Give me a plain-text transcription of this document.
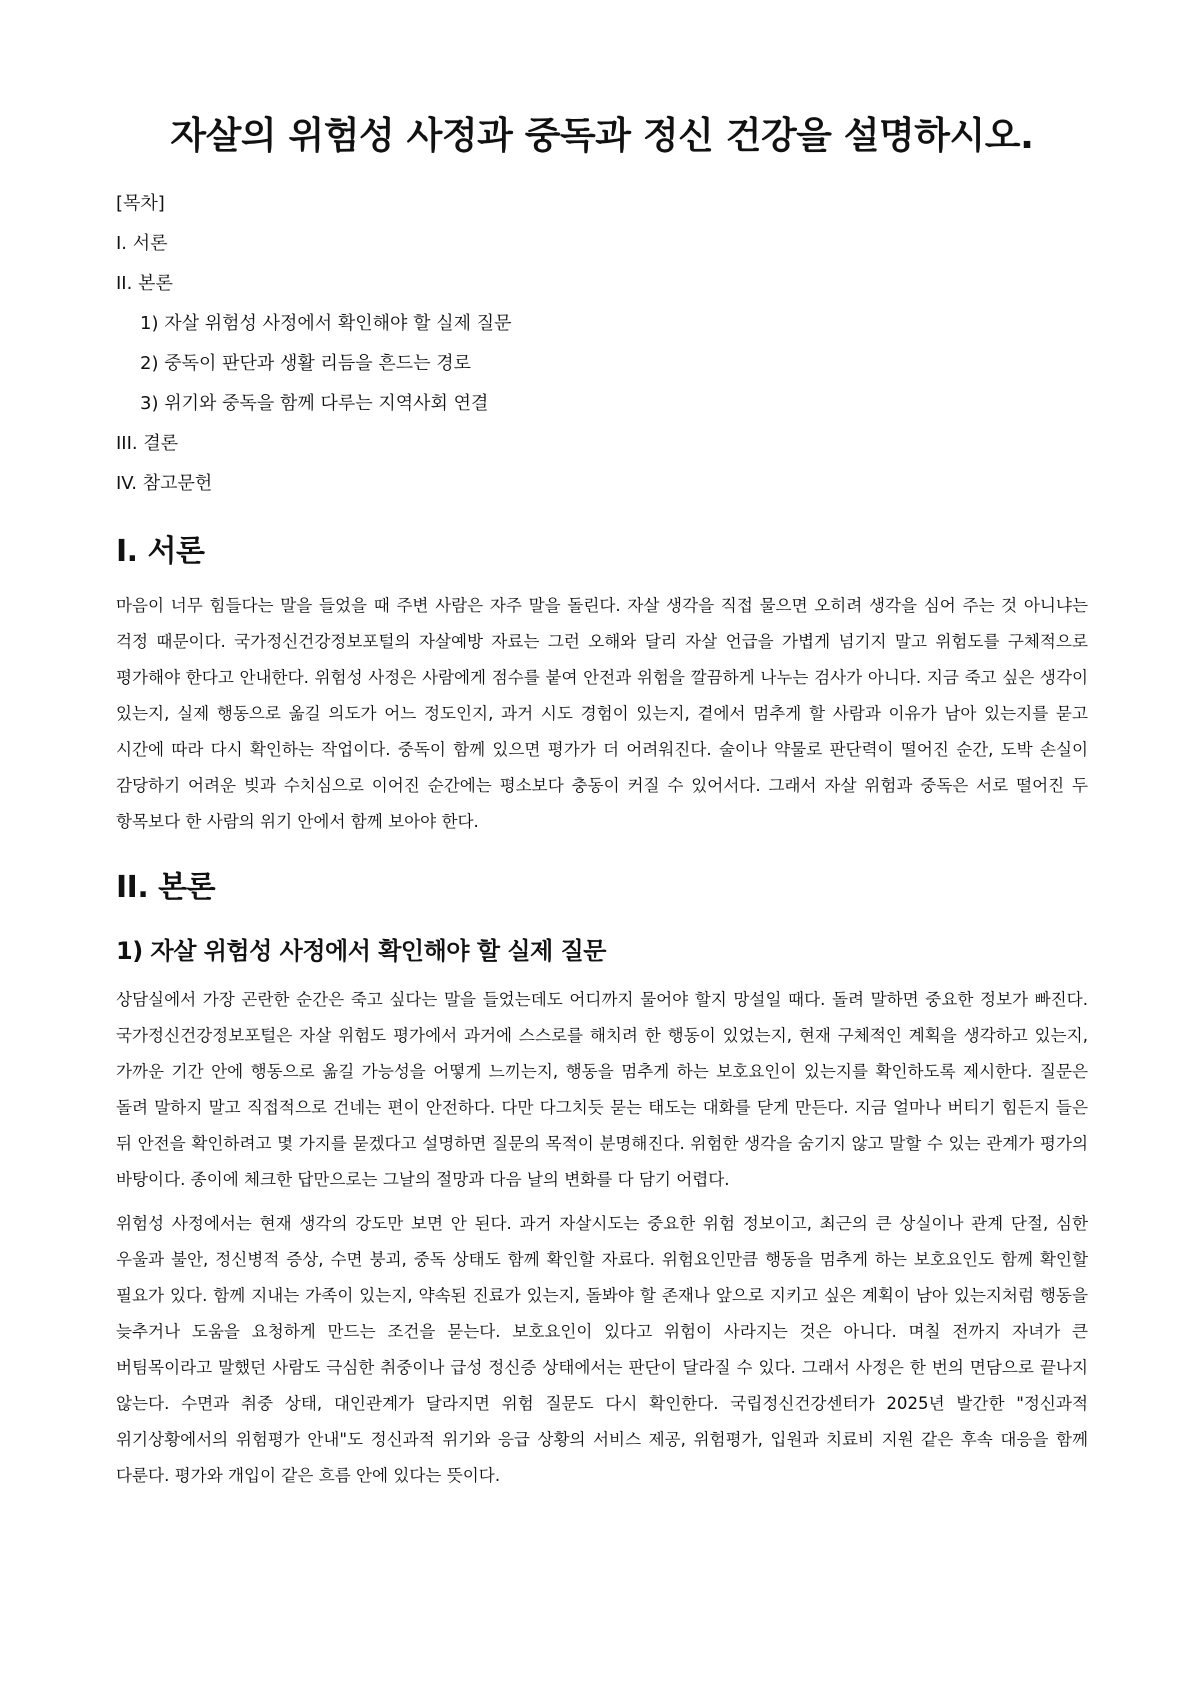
자살의 위험성 사정과 중독과 정신 건강을 설명하시오.
[목차]
I. 서론
II. 본론
1) 자살 위험성 사정에서 확인해야 할 실제 질문
2) 중독이 판단과 생활 리듬을 흔드는 경로
3) 위기와 중독을 함께 다루는 지역사회 연결
III. 결론
IV. 참고문헌
I. 서론

마음이 너무 힘들다는 말을 들었을 때 주변 사람은 자주 말을 돌린다. 자살 생각을 직접 물으면 오히려 생각을 심어 주는 것 아니냐는 걱정 때문이다. 국가정신건강정보포털의 자살예방 자료는 그런 오해와 달리 자살 언급을 가볍게 넘기지 말고 위험도를 구체적으로 평가해야 한다고 안내한다. 위험성 사정은 사람에게 점수를 붙여 안전과 위험을 깔끔하게 나누는 검사가 아니다. 지금 죽고 싶은 생각이 있는지, 실제 행동으로 옮길 의도가 어느 정도인지, 과거 시도 경험이 있는지, 곁에서 멈추게 할 사람과 이유가 남아 있는지를 묻고 시간에 따라 다시 확인하는 작업이다. 중독이 함께 있으면 평가가 더 어려워진다. 술이나 약물로 판단력이 떨어진 순간, 도박 손실이 감당하기 어려운 빚과 수치심으로 이어진 순간에는 평소보다 충동이 커질 수 있어서다. 그래서 자살 위험과 중독은 서로 떨어진 두 항목보다 한 사람의 위기 안에서 함께 보아야 한다.

II. 본론
1) 자살 위험성 사정에서 확인해야 할 실제 질문

상담실에서 가장 곤란한 순간은 죽고 싶다는 말을 들었는데도 어디까지 물어야 할지 망설일 때다. 돌려 말하면 중요한 정보가 빠진다. 국가정신건강정보포털은 자살 위험도 평가에서 과거에 스스로를 해치려 한 행동이 있었는지, 현재 구체적인 계획을 생각하고 있는지, 가까운 기간 안에 행동으로 옮길 가능성을 어떻게 느끼는지, 행동을 멈추게 하는 보호요인이 있는지를 확인하도록 제시한다. 질문은 돌려 말하지 말고 직접적으로 건네는 편이 안전하다. 다만 다그치듯 묻는 태도는 대화를 닫게 만든다. 지금 얼마나 버티기 힘든지 들은 뒤 안전을 확인하려고 몇 가지를 묻겠다고 설명하면 질문의 목적이 분명해진다. 위험한 생각을 숨기지 않고 말할 수 있는 관계가 평가의 바탕이다. 종이에 체크한 답만으로는 그날의 절망과 다음 날의 변화를 다 담기 어렵다.

위험성 사정에서는 현재 생각의 강도만 보면 안 된다. 과거 자살시도는 중요한 위험 정보이고, 최근의 큰 상실이나 관계 단절, 심한 우울과 불안, 정신병적 증상, 수면 붕괴, 중독 상태도 함께 확인할 자료다. 위험요인만큼 행동을 멈추게 하는 보호요인도 함께 확인할 필요가 있다. 함께 지내는 가족이 있는지, 약속된 진료가 있는지, 돌봐야 할 존재나 앞으로 지키고 싶은 계획이 남아 있는지처럼 행동을 늦추거나 도움을 요청하게 만드는 조건을 묻는다. 보호요인이 있다고 위험이 사라지는 것은 아니다. 며칠 전까지 자녀가 큰 버팀목이라고 말했던 사람도 극심한 취중이나 급성 정신증 상태에서는 판단이 달라질 수 있다. 그래서 사정은 한 번의 면담으로 끝나지 않는다. 수면과 취중 상태, 대인관계가 달라지면 위험 질문도 다시 확인한다. 국립정신건강센터가 2025년 발간한 "정신과적 위기상황에서의 위험평가 안내"도 정신과적 위기와 응급 상황의 서비스 제공, 위험평가, 입원과 치료비 지원 같은 후속 대응을 함께 다룬다. 평가와 개입이 같은 흐름 안에 있다는 뜻이다.
